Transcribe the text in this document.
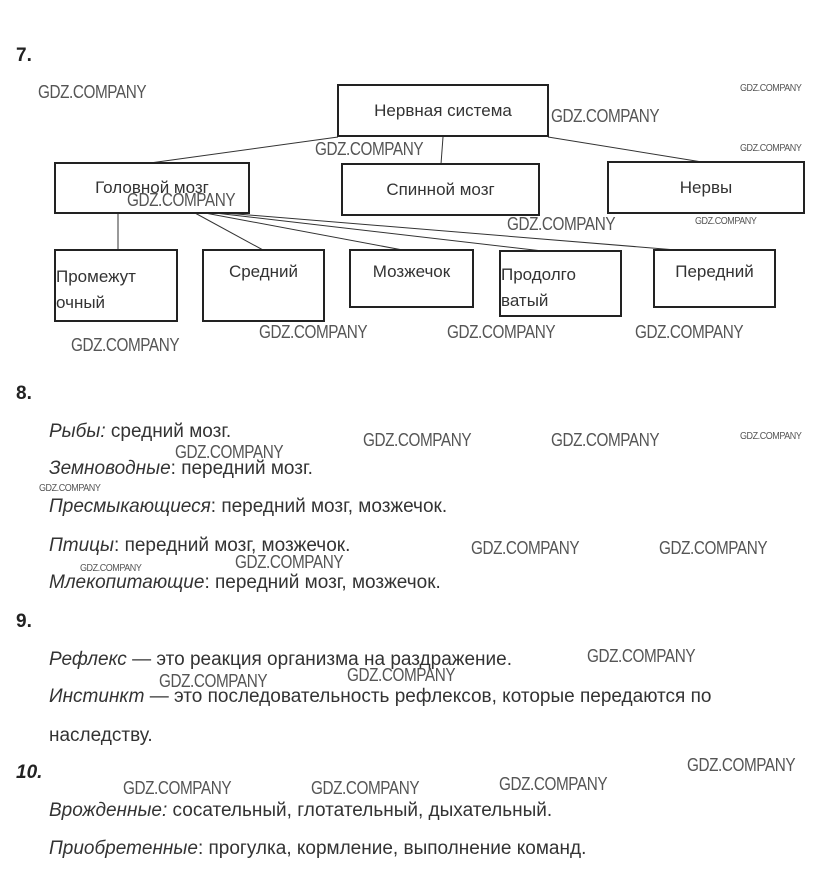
7.
Нервная система
Головной мозг	Спинной мозг	Нервы
Промежут
очный
Средний	Мозжечок	Продолго
ватый
Передний
8.
Рыбы: средний мозг.
Земноводные: передний мозг.
Пресмыкающиеся: передний мозг, мозжечок.
Птицы: передний мозг, мозжечок.
Млекопитающие: передний мозг, мозжечок.
9.
Рефлекс — это реакция организма на раздражение.
Инстинкт — это последовательность рефлексов, которые передаются по
наследству.
10.
Врожденные: сосательный, глотательный, дыхательный.
Приобретенные: прогулка, кормление, выполнение команд.
GDZ.COMPANY
GDZ.COMPANY
GDZ.COMPANY
GDZ.COMPANY	GDZ.COMPANY
GDZ.COMPANY
GDZ.COMPANY	GDZ.COMPANY
GDZ.COMPANY	GDZ.COMPANY	GDZ.COMPANY
GDZ.COMPANY
GDZ.COMPANY	GDZ.COMPANY	GDZ.COMPANY
GDZ.COMPANY
GDZ.COMPANY
GDZ.COMPANY	GDZ.COMPANY
GDZ.COMPANY
GDZ.COMPANY
GDZ.COMPANY
GDZ.COMPANY
GDZ.COMPANY
GDZ.COMPANY
GDZ.COMPANY
GDZ.COMPANY	GDZ.COMPANY
